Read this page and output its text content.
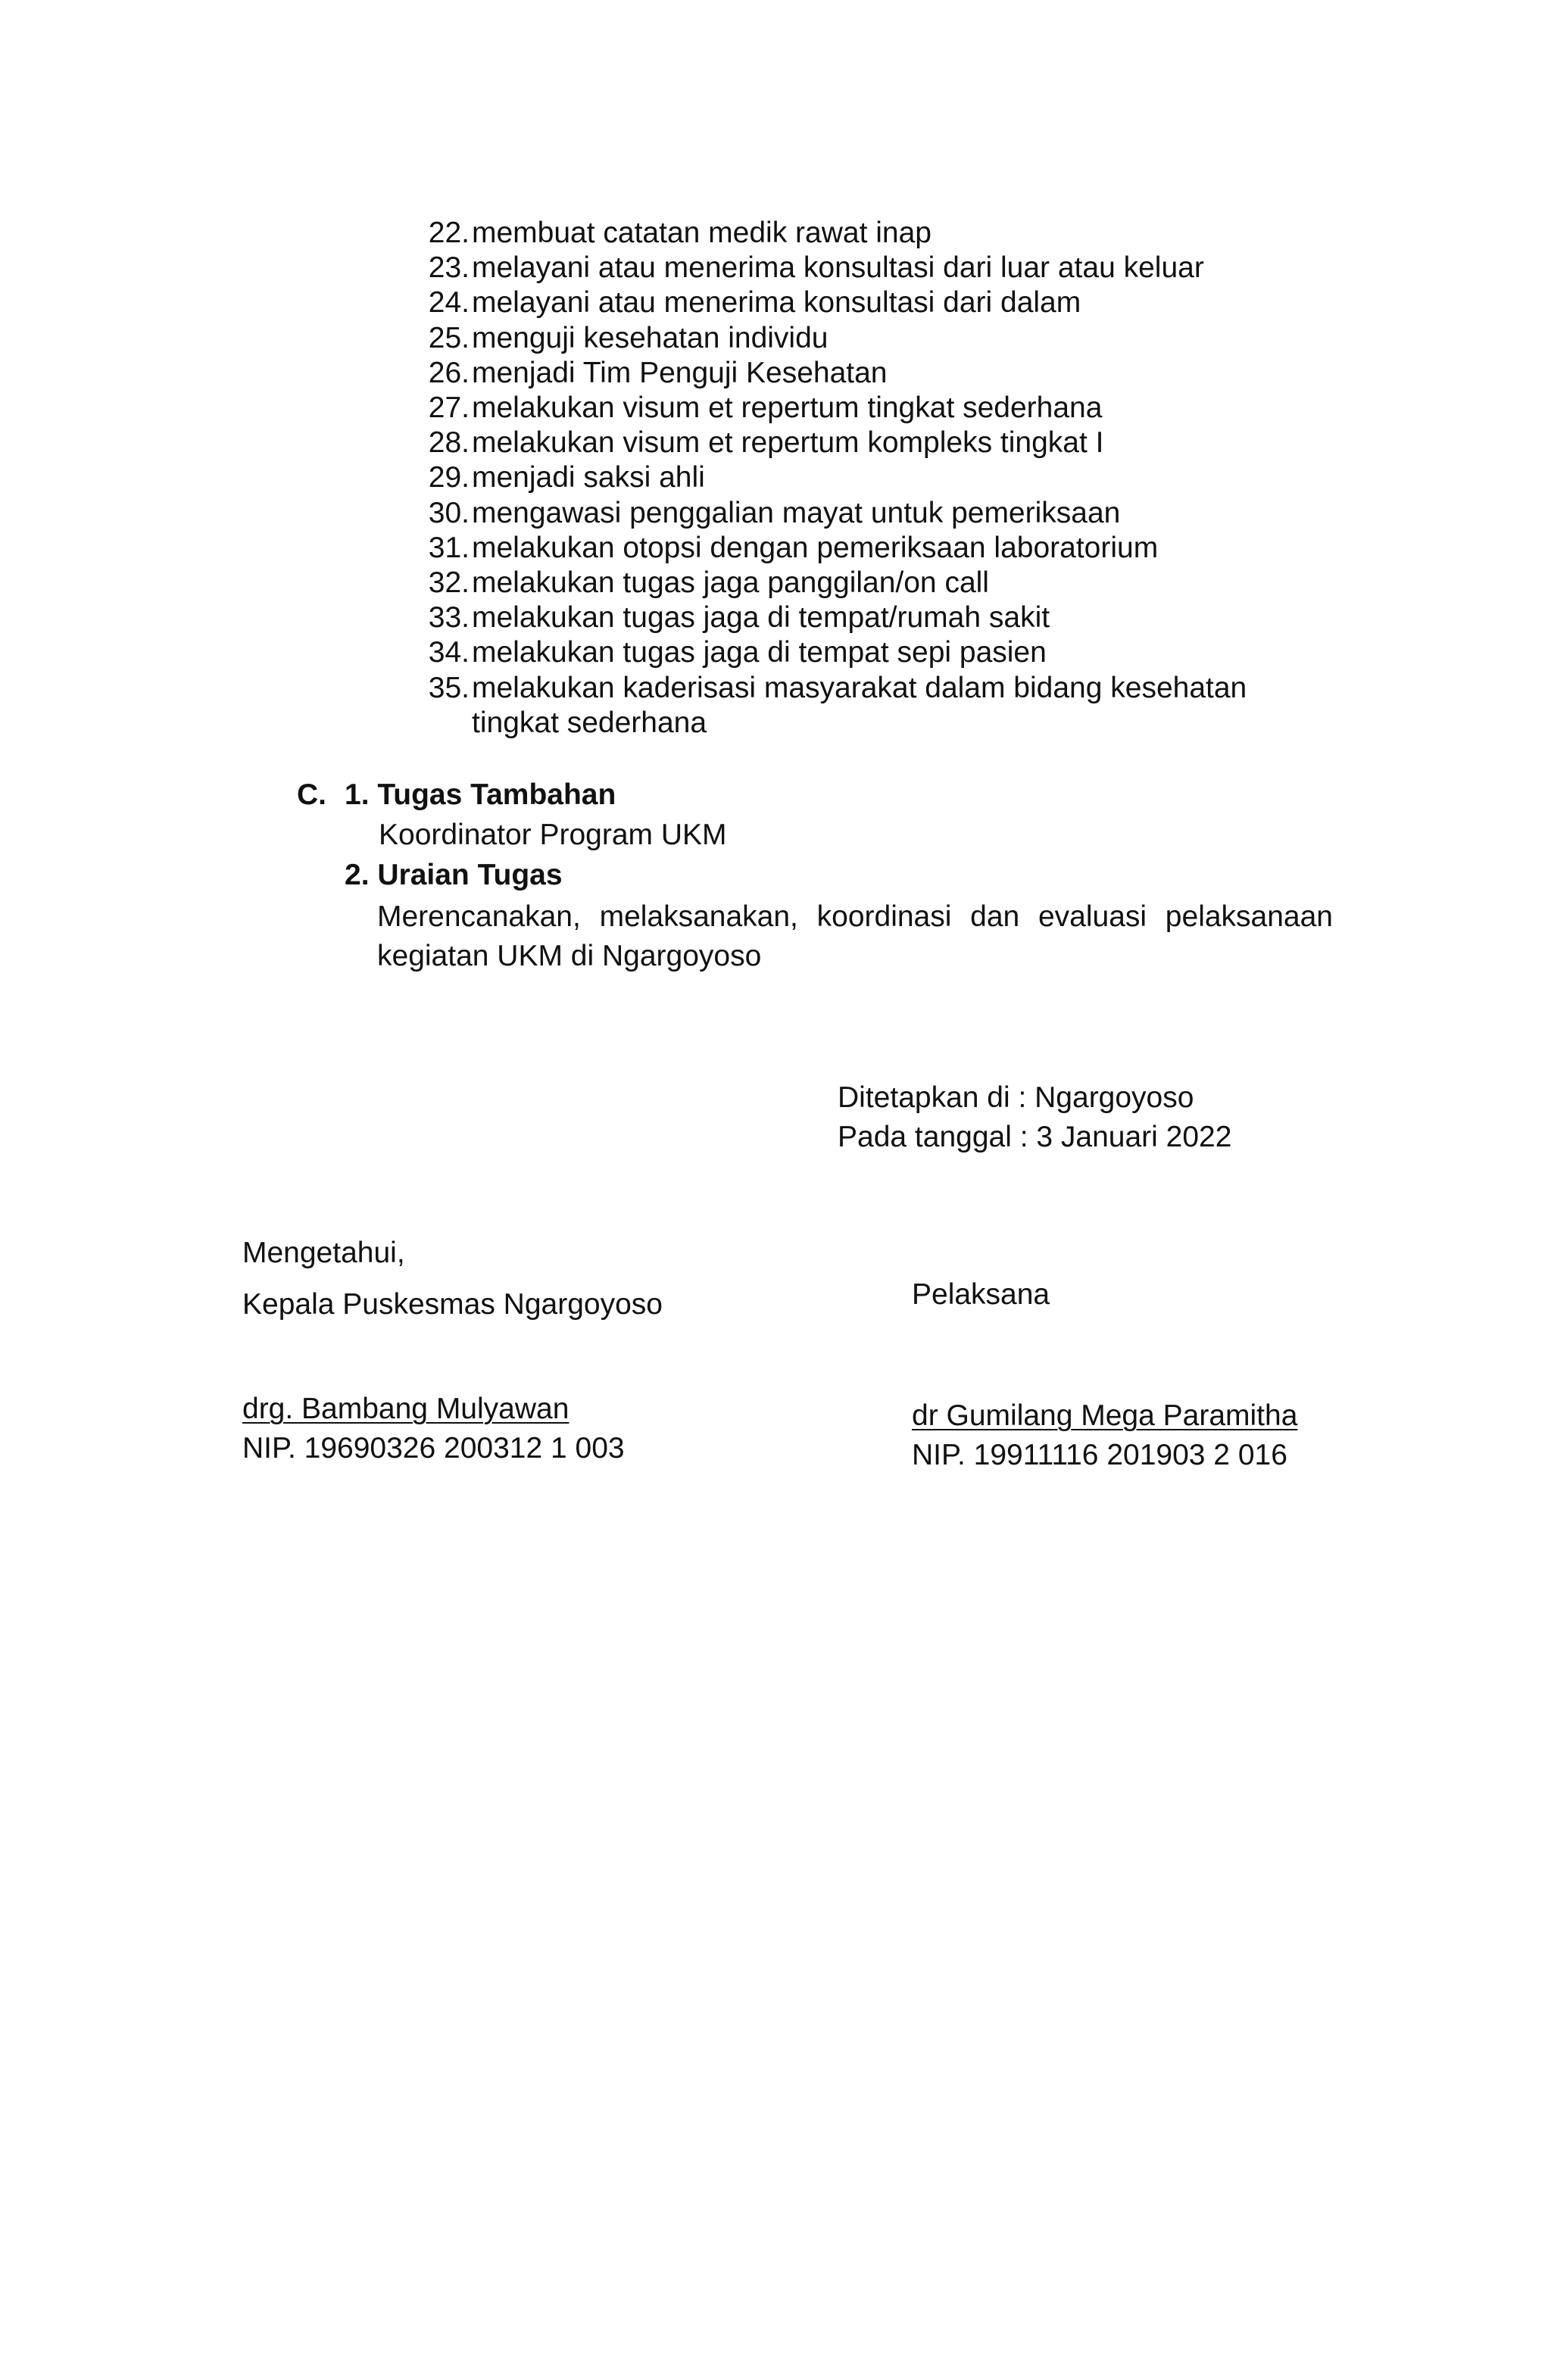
22. membuat catatan medik rawat inap
23. melayani atau menerima konsultasi dari luar atau keluar
24. melayani atau menerima konsultasi dari dalam
25. menguji kesehatan individu
26. menjadi Tim Penguji Kesehatan
27. melakukan visum et repertum tingkat sederhana
28. melakukan visum et repertum kompleks tingkat I
29. menjadi saksi ahli
30. mengawasi penggalian mayat untuk pemeriksaan
31. melakukan otopsi dengan pemeriksaan laboratorium
32. melakukan tugas jaga panggilan/on call
33. melakukan tugas jaga di tempat/rumah sakit
34. melakukan tugas jaga di tempat sepi pasien
35. melakukan kaderisasi masyarakat dalam bidang kesehatan
tingkat sederhana
C. 1. Tugas Tambahan
Koordinator Program UKM
2. Uraian Tugas
Merencanakan, melaksanakan, koordinasi dan evaluasi pelaksanaan
kegiatan UKM di Ngargoyoso
Ditetapkan di : Ngargoyoso
Pada tanggal : 3 Januari 2022
Mengetahui,
Kepala Puskesmas Ngargoyoso
drg. Bambang Mulyawan
NIP. 19690326 200312 1 003
Pelaksana
dr Gumilang Mega Paramitha
NIP. 19911116 201903 2 016
